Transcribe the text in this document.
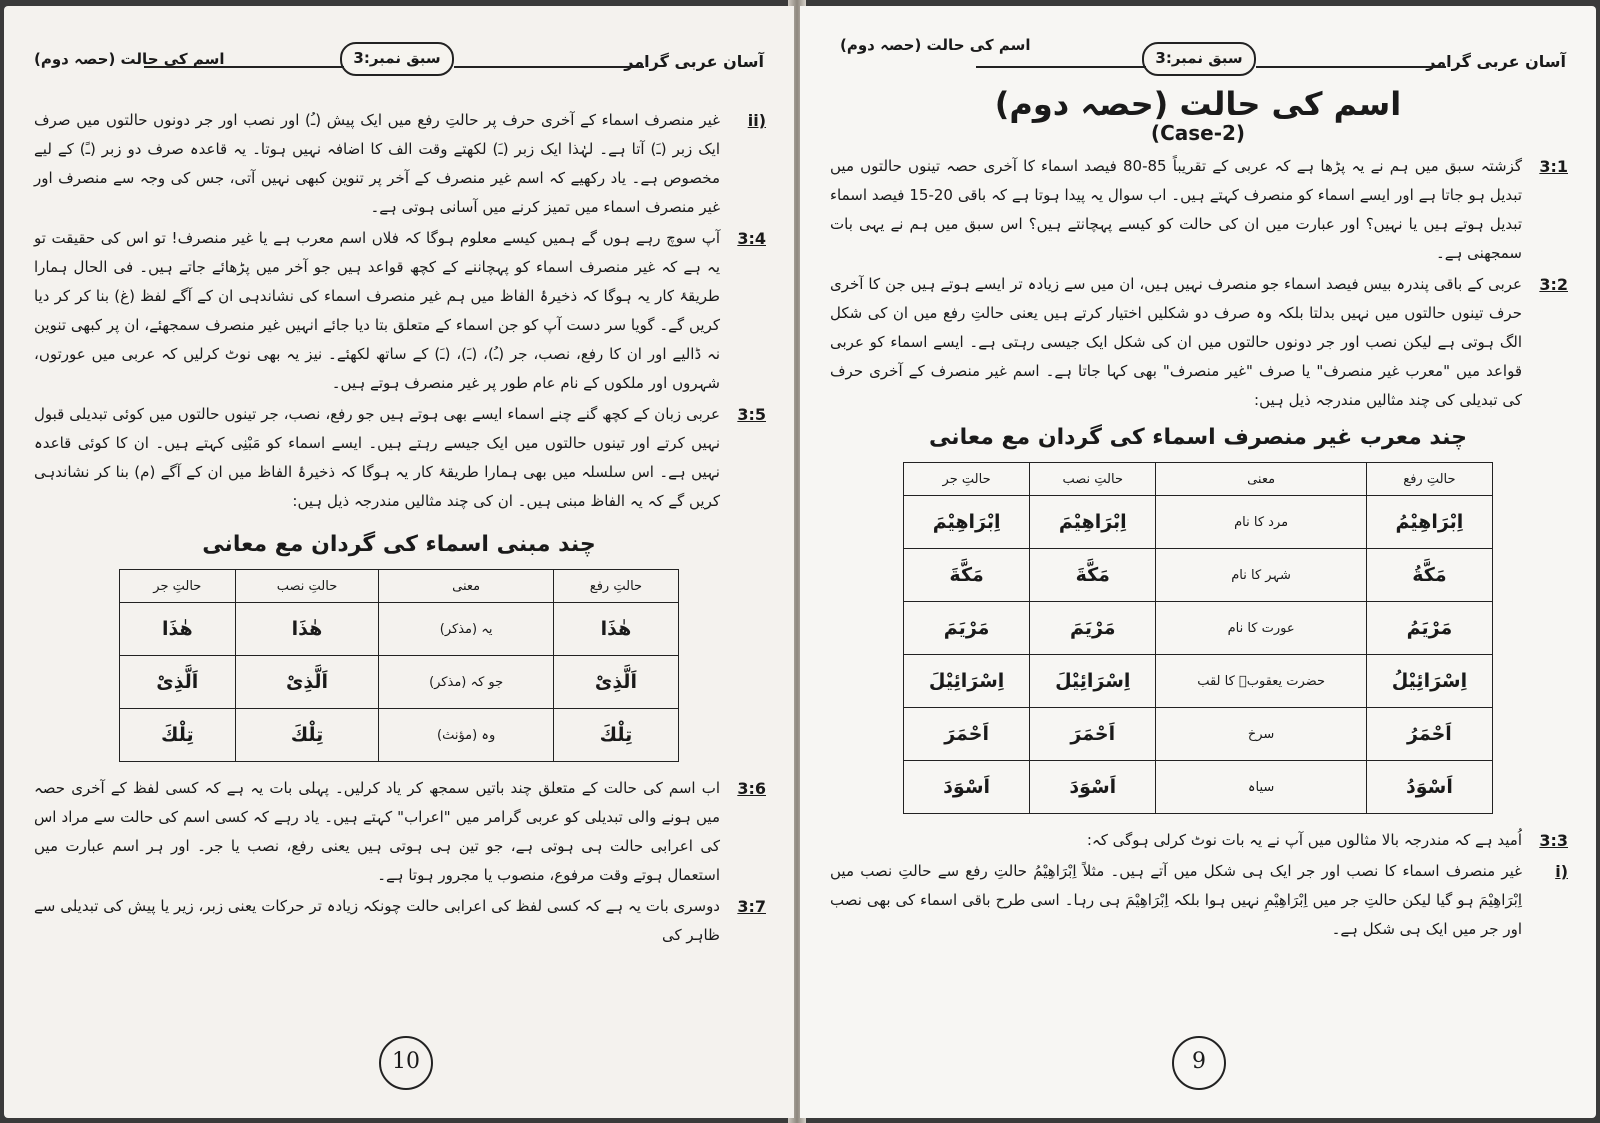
آسان عربی گرامر
سبق نمبر:3
اسم کی حالت (حصہ دوم)
ii)

غیر منصرف اسماء کے آخری حرف پر حالتِ رفع میں ایک پیش (ـُ) اور نصب اور جر دونوں حالتوں میں صرف ایک زبر (ـَ) آتا ہے۔ لہٰذا ایک زبر (ـَ) لکھتے وقت الف کا اضافہ نہیں ہوتا۔ یہ قاعدہ صرف دو زبر (ـً) کے لیے مخصوص ہے۔ یاد رکھیے کہ اسم غیر منصرف کے آخر پر تنوین کبھی نہیں آتی، جس کی وجہ سے منصرف اور غیر منصرف اسماء میں تمیز کرنے میں آسانی ہوتی ہے۔

3:4

آپ سوچ رہے ہوں گے ہمیں کیسے معلوم ہوگا کہ فلاں اسم معرب ہے یا غیر منصرف! تو اس کی حقیقت تو یہ ہے کہ غیر منصرف اسماء کو پہچاننے کے کچھ قواعد ہیں جو آخر میں پڑھائے جاتے ہیں۔ فی الحال ہمارا طریقۂ کار یہ ہوگا کہ ذخیرۂ الفاظ میں ہم غیر منصرف اسماء کی نشاندہی ان کے آگے لفظ (غ) بنا کر کر دیا کریں گے۔ گویا سر دست آپ کو جن اسماء کے متعلق بتا دیا جائے انہیں غیر منصرف سمجھئے، ان پر کبھی تنوین نہ ڈالیے اور ان کا رفع، نصب، جر (ـُ)، (ـَ)، (ـَ) کے ساتھ لکھئے۔ نیز یہ بھی نوٹ کرلیں کہ عربی میں عورتوں، شہروں اور ملکوں کے نام عام طور پر غیر منصرف ہوتے ہیں۔

3:5

عربی زبان کے کچھ گنے چنے اسماء ایسے بھی ہوتے ہیں جو رفع، نصب، جر تینوں حالتوں میں کوئی تبدیلی قبول نہیں کرتے اور تینوں حالتوں میں ایک جیسے رہتے ہیں۔ ایسے اسماء کو مَبْنِی کہتے ہیں۔ ان کا کوئی قاعدہ نہیں ہے۔ اس سلسلہ میں بھی ہمارا طریقۂ کار یہ ہوگا کہ ذخیرۂ الفاظ میں ان کے آگے (م) بنا کر نشاندہی کریں گے کہ یہ الفاظ مبنی ہیں۔ ان کی چند مثالیں مندرجہ ذیل ہیں:

چند مبنی اسماء کی گردان مع معانی
حالتِ رفع	معنی	حالتِ نصب	حالتِ جر
هٰذَا	یہ (مذکر)	هٰذَا	هٰذَا
اَلَّذِیْ	جو کہ (مذکر)	اَلَّذِیْ	اَلَّذِیْ
تِلْكَ	وہ (مؤنث)	تِلْكَ	تِلْكَ
3:6

اب اسم کی حالت کے متعلق چند باتیں سمجھ کر یاد کرلیں۔ پہلی بات یہ ہے کہ کسی لفظ کے آخری حصہ میں ہونے والی تبدیلی کو عربی گرامر میں "اعراب" کہتے ہیں۔ یاد رہے کہ کسی اسم کی حالت سے مراد اس کی اعرابی حالت ہی ہوتی ہے، جو تین ہی ہوتی ہیں یعنی رفع، نصب یا جر۔ اور ہر اسم عبارت میں استعمال ہوتے وقت مرفوع، منصوب یا مجرور ہوتا ہے۔

3:7

دوسری بات یہ ہے کہ کسی لفظ کی اعرابی حالت چونکہ زیادہ تر حرکات یعنی زبر، زیر یا پیش کی تبدیلی سے ظاہر کی

10
آسان عربی گرامر
سبق نمبر:3
اسم کی حالت (حصہ دوم)
اسم کی حالت (حصہ دوم)
(Case-2)
3:1

گزشتہ سبق میں ہم نے یہ پڑھا ہے کہ عربی کے تقریباً 85-80 فیصد اسماء کا آخری حصہ تینوں حالتوں میں تبدیل ہو جاتا ہے اور ایسے اسماء کو منصرف کہتے ہیں۔ اب سوال یہ پیدا ہوتا ہے کہ باقی 20-15 فیصد اسماء تبدیل ہوتے ہیں یا نہیں؟ اور عبارت میں ان کی حالت کو کیسے پہچانتے ہیں؟ اس سبق میں ہم نے یہی بات سمجھنی ہے۔

3:2

عربی کے باقی پندرہ بیس فیصد اسماء جو منصرف نہیں ہیں، ان میں سے زیادہ تر ایسے ہوتے ہیں جن کا آخری حرف تینوں حالتوں میں نہیں بدلتا بلکہ وہ صرف دو شکلیں اختیار کرتے ہیں یعنی حالتِ رفع میں ان کی شکل الگ ہوتی ہے لیکن نصب اور جر دونوں حالتوں میں ان کی شکل ایک جیسی رہتی ہے۔ ایسے اسماء کو عربی قواعد میں "معرب غیر منصرف" یا صرف "غیر منصرف" بھی کہا جاتا ہے۔ اسم غیر منصرف کے آخری حرف کی تبدیلی کی چند مثالیں مندرجہ ذیل ہیں:

چند معرب غیر منصرف اسماء کی گردان مع معانی
حالتِ رفع	معنی	حالتِ نصب	حالتِ جر
اِبْرَاهِیْمُ	مرد کا نام	اِبْرَاهِیْمَ	اِبْرَاهِیْمَ
مَكَّةُ	شہر کا نام	مَكَّةَ	مَكَّةَ
مَرْیَمُ	عورت کا نام	مَرْیَمَ	مَرْیَمَ
اِسْرَائِیْلُ	حضرت یعقوبؑ کا لقب	اِسْرَائِیْلَ	اِسْرَائِیْلَ
اَحْمَرُ	سرخ	اَحْمَرَ	اَحْمَرَ
اَسْوَدُ	سیاہ	اَسْوَدَ	اَسْوَدَ
3:3

اُمید ہے کہ مندرجہ بالا مثالوں میں آپ نے یہ بات نوٹ کرلی ہوگی کہ:

i)

غیر منصرف اسماء کا نصب اور جر ایک ہی شکل میں آتے ہیں۔ مثلاً اِبْرَاهِیْمُ حالتِ رفع سے حالتِ نصب میں اِبْرَاهِیْمَ ہو گیا لیکن حالتِ جر میں اِبْرَاهِیْمِ نہیں ہوا بلکہ اِبْرَاهِیْمَ ہی رہا۔ اسی طرح باقی اسماء کی بھی نصب اور جر میں ایک ہی شکل ہے۔

9
